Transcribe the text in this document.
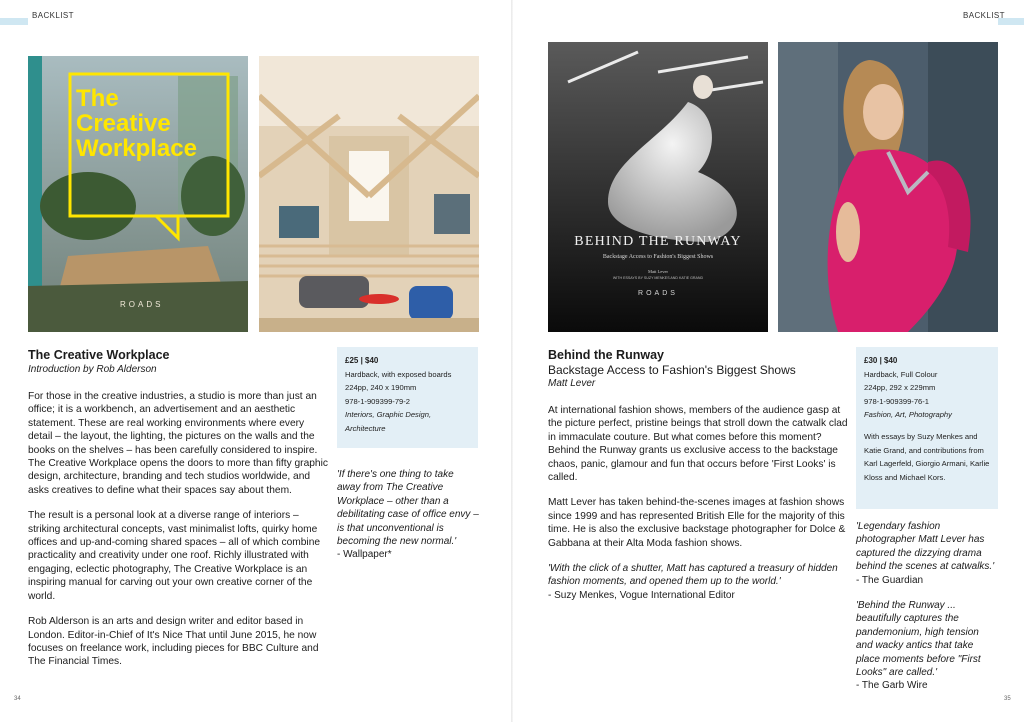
BACKLIST	BACKLIST
The
Creative
Workplace
ROADS
The Creative Workplace
Introduction by Rob Alderson

For those in the creative industries, a studio is more than just an office; it is a workbench, an advertisement and an aesthetic statement. These are real working environments where every detail – the layout, the lighting, the pictures on the walls and the books on the shelves – has been carefully considered to inspire. The Creative Workplace opens the doors to more than fifty graphic design, architecture, branding and tech studios worldwide, and asks creatives to define what their spaces say about them.

The result is a personal look at a diverse range of interiors – striking architectural concepts, vast minimalist lofts, quirky home offices and up-and-coming shared spaces – all of which combine practicality and creativity under one roof. Richly illustrated with engaging, eclectic photography, The Creative Workplace is an inspiring manual for carving out your own creative corner of the world.

Rob Alderson is an arts and design writer and editor based in London. Editor-in-Chief of It's Nice That until June 2015, he now focuses on freelance work, including pieces for BBC Culture and The Financial Times.

£25 | $40
Hardback, with exposed boards
224pp, 240 x 190mm
978-1-909399-79-2
Interiors, Graphic Design, Architecture
'If there's one thing to take away from The Creative Workplace – other than a debilitating case of office envy – is that unconventional is becoming the new normal.'
- Wallpaper*
BEHIND THE RUNWAY
Backstage Access to Fashion's Biggest Shows
Matt Lever
WITH ESSAYS BY SUZY MENKES AND KATIE GRAND
ROADS
Behind the Runway
Backstage Access to Fashion's Biggest Shows
Matt Lever

At international fashion shows, members of the audience gasp at the picture perfect, pristine beings that stroll down the catwalk clad in immaculate couture. But what comes before this moment? Behind the Runway grants us exclusive access to the backstage chaos, panic, glamour and fun that occurs before 'First Looks' is called.

Matt Lever has taken behind-the-scenes images at fashion shows since 1999 and has represented British Elle for the majority of this time. He is also the exclusive backstage photographer for Dolce & Gabbana at their Alta Moda fashion shows.

'With the click of a shutter, Matt has captured a treasury of hidden fashion moments, and opened them up to the world.'
- Suzy Menkes, Vogue International Editor
£30 | $40
Hardback, Full Colour
224pp, 292 x 229mm
978-1-909399-76-1
Fashion, Art, Photography
With essays by Suzy Menkes and Katie Grand, and contributions from Karl Lagerfeld, Giorgio Armani, Karlie Kloss and Michael Kors.
'Legendary fashion photographer Matt Lever has captured the dizzying drama behind the scenes at catwalks.'
- The Guardian
'Behind the Runway ... beautifully captures the pandemonium, high tension and wacky antics that take place moments before "First Looks" are called.'
- The Garb Wire
34	35
